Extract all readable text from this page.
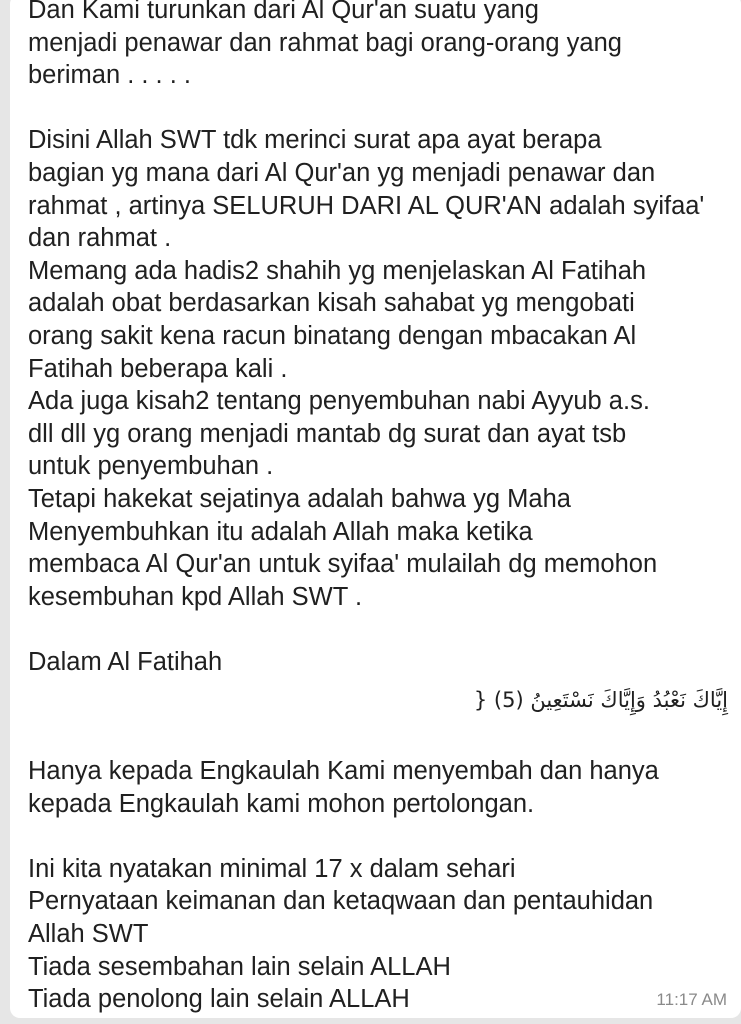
Dan Kami turunkan dari Al Qur'an suatu yang
menjadi penawar dan rahmat bagi orang-orang yang
beriman . . . . .
Disini Allah SWT tdk merinci surat apa ayat berapa
bagian yg mana dari Al Qur'an yg menjadi penawar dan
rahmat , artinya SELURUH DARI AL QUR'AN adalah syifaa'
dan rahmat .
Memang ada hadis2 shahih yg menjelaskan Al Fatihah
adalah obat berdasarkan kisah sahabat yg mengobati
orang sakit kena racun binatang dengan mbacakan Al
Fatihah beberapa kali .
Ada juga kisah2 tentang penyembuhan nabi Ayyub a.s.
dll dll yg orang menjadi mantab dg surat dan ayat tsb
untuk penyembuhan .
Tetapi hakekat sejatinya adalah bahwa yg Maha
Menyembuhkan itu adalah Allah maka ketika
membaca Al Qur'an untuk syifaa' mulailah dg memohon
kesembuhan kpd Allah SWT .
Dalam Al Fatihah
إِيَّاكَ نَعْبُدُ وَإِيَّاكَ نَسْتَعِينُ (5) {
Hanya kepada Engkaulah Kami menyembah dan hanya
kepada Engkaulah kami mohon pertolongan.
Ini kita nyatakan minimal 17 x dalam sehari
Pernyataan keimanan dan ketaqwaan dan pentauhidan
Allah SWT
Tiada sesembahan lain selain ALLAH
Tiada penolong lain selain ALLAH	11:17 AM
